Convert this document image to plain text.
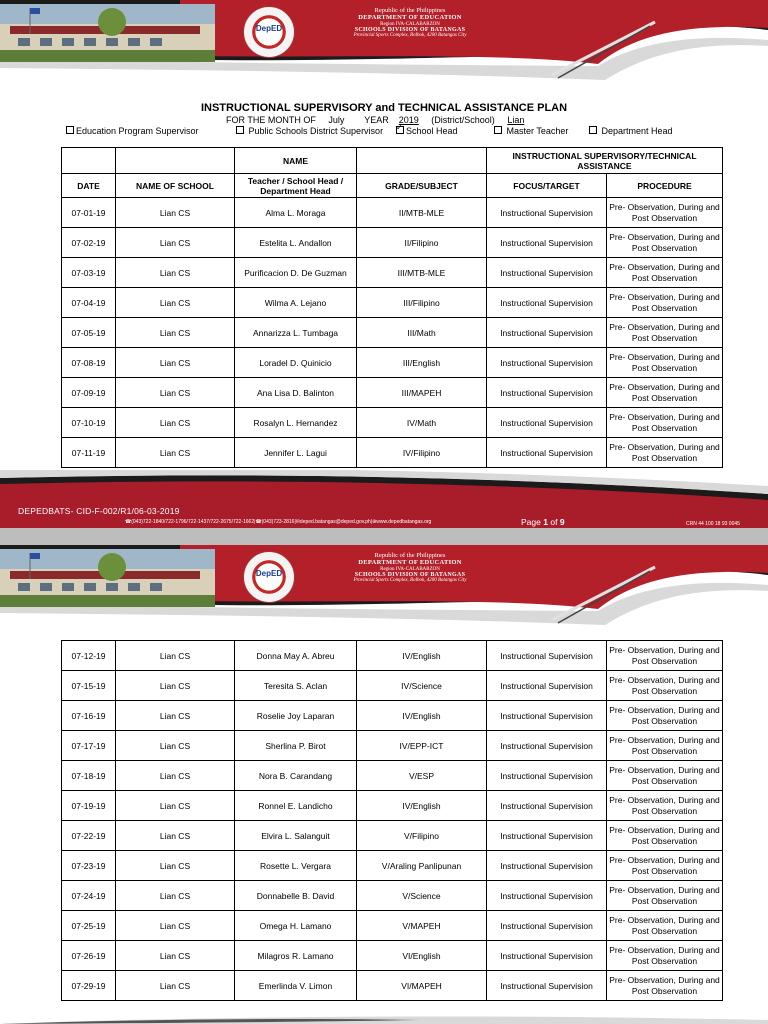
DepED
Republic of the Philippines
DEPARTMENT OF EDUCATION
Region IVA-CALABARZON
SCHOOLS DIVISION OF BATANGAS
Provincial Sports Complex, Bolbok, 4200 Batangas City
INSTRUCTIONAL SUPERVISORY and TECHNICAL ASSISTANCE PLAN
FOR THE MONTH OF July YEAR 2019 (District/School) Lian
Education Program Supervisor	Public Schools District Supervisor ✓	School Head	Master Teacher	Department Head
		NAME		INSTRUCTIONAL SUPERVISORY/TECHNICAL ASSISTANCE	
DATE	NAME OF SCHOOL	Teacher / School Head / Department Head	GRADE/SUBJECT	FOCUS/TARGET	PROCEDURE
07-01-19	Lian CS	Alma L. Moraga	II/MTB-MLE	Instructional Supervision	Pre- Observation, During and Post Observation
07-02-19	Lian CS	Estelita L. Andallon	II/Filipino	Instructional Supervision	Pre- Observation, During and Post Observation
07-03-19	Lian CS	Purificacion D. De Guzman	III/MTB-MLE	Instructional Supervision	Pre- Observation, During and Post Observation
07-04-19	Lian CS	Wilma A. Lejano	III/Filipino	Instructional Supervision	Pre- Observation, During and Post Observation
07-05-19	Lian CS	Annarizza L. Tumbaga	III/Math	Instructional Supervision	Pre- Observation, During and Post Observation
07-08-19	Lian CS	Loradel D. Quinicio	III/English	Instructional Supervision	Pre- Observation, During and Post Observation
07-09-19	Lian CS	Ana Lisa D. Balinton	III/MAPEH	Instructional Supervision	Pre- Observation, During and Post Observation
07-10-19	Lian CS	Rosalyn L. Hernandez	IV/Math	Instructional Supervision	Pre- Observation, During and Post Observation
07-11-19	Lian CS	Jennifer L. Lagui	IV/Filipino	Instructional Supervision	Pre- Observation, During and Post Observation
DEPEDBATS- CID-F-002/R1/06-03-2019
☎(043)722-1840/722-1796/722-1437/722-2675/722-1662|☎(043)723-2816|✉deped.batangas@deped.gov.ph|⊕www.depedbatangas.org	Page 1 of 9	CRN 44 100 18 93 0045
DepED
Republic of the Philippines
DEPARTMENT OF EDUCATION
Region IVA-CALABARZON
SCHOOLS DIVISION OF BATANGAS
Provincial Sports Complex, Bolbok, 4200 Batangas City
07-12-19	Lian CS	Donna May A. Abreu	IV/English	Instructional Supervision	Pre- Observation, During and Post Observation
07-15-19	Lian CS	Teresita S. Aclan	IV/Science	Instructional Supervision	Pre- Observation, During and Post Observation
07-16-19	Lian CS	Roselie Joy Laparan	IV/English	Instructional Supervision	Pre- Observation, During and Post Observation
07-17-19	Lian CS	Sherlina P. Birot	IV/EPP-ICT	Instructional Supervision	Pre- Observation, During and Post Observation
07-18-19	Lian CS	Nora B. Carandang	V/ESP	Instructional Supervision	Pre- Observation, During and Post Observation
07-19-19	Lian CS	Ronnel E. Landicho	IV/English	Instructional Supervision	Pre- Observation, During and Post Observation
07-22-19	Lian CS	Elvira L. Salanguit	V/Filipino	Instructional Supervision	Pre- Observation, During and Post Observation
07-23-19	Lian CS	Rosette L. Vergara	V/Araling Panlipunan	Instructional Supervision	Pre- Observation, During and Post Observation
07-24-19	Lian CS	Donnabelle B. David	V/Science	Instructional Supervision	Pre- Observation, During and Post Observation
07-25-19	Lian CS	Omega H. Lamano	V/MAPEH	Instructional Supervision	Pre- Observation, During and Post Observation
07-26-19	Lian CS	Milagros R. Lamano	VI/English	Instructional Supervision	Pre- Observation, During and Post Observation
07-29-19	Lian CS	Emerlinda V. Limon	VI/MAPEH	Instructional Supervision	Pre- Observation, During and Post Observation
